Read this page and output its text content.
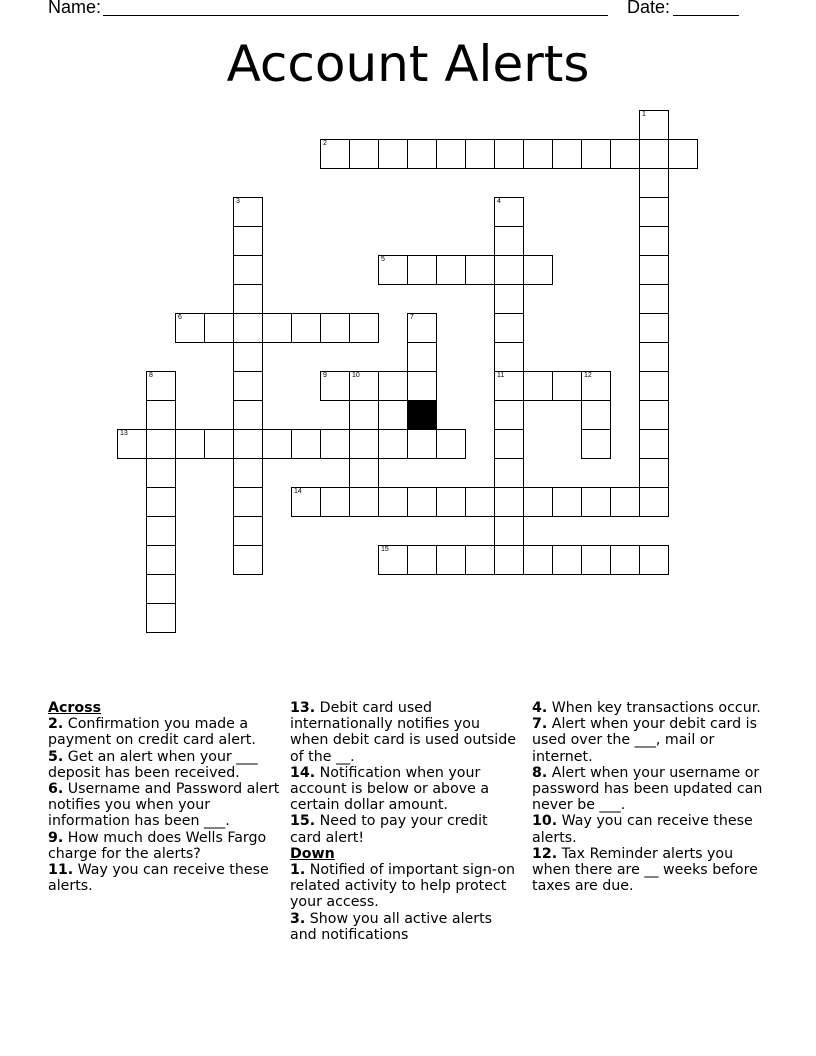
Name:	Date:
Account Alerts
1
2
3	4
11
5
6	7
8	9	10	12
13
14
15
Across

2. Confirmation you made a payment on credit card alert.

5. Get an alert when your ___ deposit has been received.

6. Username and Password alert notifies you when your information has been ___.

9. How much does Wells Fargo charge for the alerts?

11. Way you can receive these alerts.

13. Debit card used internationally notifies you when debit card is used outside of the __.

14. Notification when your account is below or above a certain dollar amount.

15. Need to pay your credit card alert!

Down

1. Notified of important sign-on related activity to help protect your access.

3. Show you all active alerts and notifications

4. When key transactions occur.

7. Alert when your debit card is used over the ___, mail or internet.

8. Alert when your username or password has been updated can never be ___.

10. Way you can receive these alerts.

12. Tax Reminder alerts you when there are __ weeks before taxes are due.
